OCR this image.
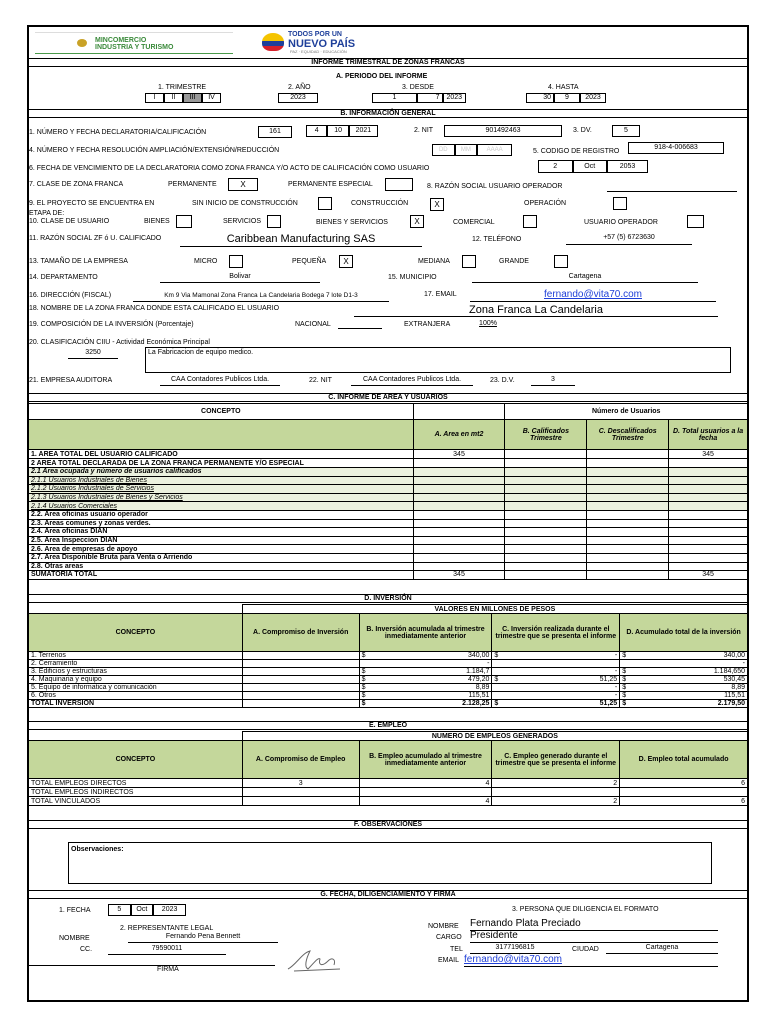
MINCOMERCIO
INDUSTRIA Y TURISMO
TODOS POR UN
NUEVO PAÍS
PAZ · EQUIDAD · EDUCACIÓN
INFORME TRIMESTRAL DE ZONAS FRANCAS
A. PERIODO DEL INFORME
1. TRIMESTRE
I	II	III	IV
2. AÑO
2023
3. DESDE
1	7 2023
4. HASTA
30	9	2023
B. INFORMACIÓN GENERAL
1. NÚMERO Y FECHA DECLARATORIA/CALIFICACIÓN	161	4	10	2021	2. NIT	901492463	3. DV.	5
4. NÚMERO Y FECHA RESOLUCIÓN AMPLIACIÓN/EXTENSIÓN/REDUCCIÓN	DD	MM	AAAA	5. CODIGO DE REGISTRO
918-4-006683
6. FECHA DE VENCIMIENTO DE LA DECLARATORIA COMO ZONA FRANCA Y/O ACTO DE CALIFICACIÓN COMO USUARIO	2	Oct	2053
7. CLASE DE ZONA FRANCA	PERMANENTE	X	PERMANENTE ESPECIAL	8. RAZÓN SOCIAL USUARIO OPERADOR
9. EL PROYECTO SE ENCUENTRA EN ETAPA DE:
SIN INICIO DE CONSTRUCCIÓN	CONSTRUCCIÓN	X	OPERACIÓN
10. CLASE DE USUARIO	BIENES	SERVICIOS	BIENES Y SERVICIOS	X	COMERCIAL	USUARIO OPERADOR
11. RAZÓN SOCIAL ZF ó U. CALIFICADO	Caribbean Manufacturing SAS	12. TELÉFONO	+57 (5) 6723630
13. TAMAÑO DE LA EMPRESA	MICRO	PEQUEÑA	X	MEDIANA	GRANDE
14. DEPARTAMENTO	Bolivar	15. MUNICIPIO	Cartagena
16. DIRECCIÓN (FISCAL)	Km 9 Via Mamonal Zona Franca La Candelaria Bodega 7 lote D1-3	17. EMAIL	fernando@vita70.com
18. NOMBRE DE LA ZONA FRANCA DONDE ESTA CALIFICADO EL USUARIO	Zona Franca La Candelaria
19. COMPOSICIÓN DE LA INVERSIÓN (Porcentaje)	NACIONAL	EXTRANJERA	100%
20. CLASIFICACIÓN CIIU - Actividad Económica Principal
3250	La Fabricacion de equipo medico.
21. EMPRESA AUDITORA	CAA Contadores Publicos Ltda.	22. NIT	CAA Contadores Publicos Ltda.	23. D.V.	3
C. INFORME DE AREA Y USUARIOS
CONCEPTO		Número de Usuarios		
	A. Area en mt2	B. Calificados Trimestre	C. Descalificados Trimestre	D. Total usuarios a la fecha
1. AREA TOTAL DEL USUARIO CALIFICADO	345			345
2 AREA TOTAL DECLARADA DE LA ZONA FRANCA PERMANENTE Y/O ESPECIAL				
2.1 Area ocupada y número de usuarios calificados				
2.1.1 Usuarios Industriales de Bienes				
2.1.2 Usuarios Industriales de Servicios				
2.1.3 Usuarios Industriales de Bienes y Servicios				
2.1.4 Usuarios Comerciales				
2.2. Area oficinas usuario operador				
2.3. Areas comunes y zonas verdes.				
2.4. Area oficinas DIAN				
2.5. Area Inspeccion DIAN				
2.6. Area de empresas de apoyo				
2.7. Area Disponible Bruta para Venta o Arriendo				
2.8. Otras areas				
SUMATORIA TOTAL	345			345
D. INVERSIÓN
	VALORES EN MILLONES DE PESOS			
CONCEPTO	A. Compromiso de Inversión	B. Inversión acumulada al trimestre inmediatamente anterior	C. Inversión realizada durante el trimestre que se presenta el informe	D. Acumulado total de la inversión
1. Terrenos		$ 340,00	$ -	$ 340,00

2. Cerramiento		-		-

3. Edificios y estructuras		$ 1.184,7	-	$ 1.184,650

4. Maquinaria y equipo		$ 479,20	$ 51,25	$ 530,45

5. Equipo de informatica y comunicación		$ 8,89	-	$ 8,89

6. Otros		$ 115,51	-	$ 115,51

TOTAL INVERSION		$ 2.128,25	$ 51,25	$ 2.179,50
E. EMPLEO
	NUMERO DE EMPLEOS GENERADOS			
CONCEPTO	A. Compromiso de Empleo	B. Empleo acumulado al trimestre inmediatamente anterior	C. Empleo generado durante el trimestre que se presenta el informe	D. Empleo total acumulado
TOTAL EMPLEOS DIRECTOS	3	4	2	6
TOTAL EMPLEOS INDIRECTOS				
TOTAL VINCULADOS		4	2	6
F. OBSERVACIONES
Observaciones:
G. FECHA, DILIGENCIAMIENTO Y FIRMA
1. FECHA	5	Oct	2023
2. REPRESENTANTE LEGAL
NOMBRE	Fernando Pena Bennett
CC.	79590011
FIRMA
3. PERSONA QUE DILIGENCIA EL FORMATO
NOMBRE Fernando Plata Preciado
CARGO Presidente
TEL	3177196815	CIUDAD	Cartagena
EMAIL fernando@vita70.com
